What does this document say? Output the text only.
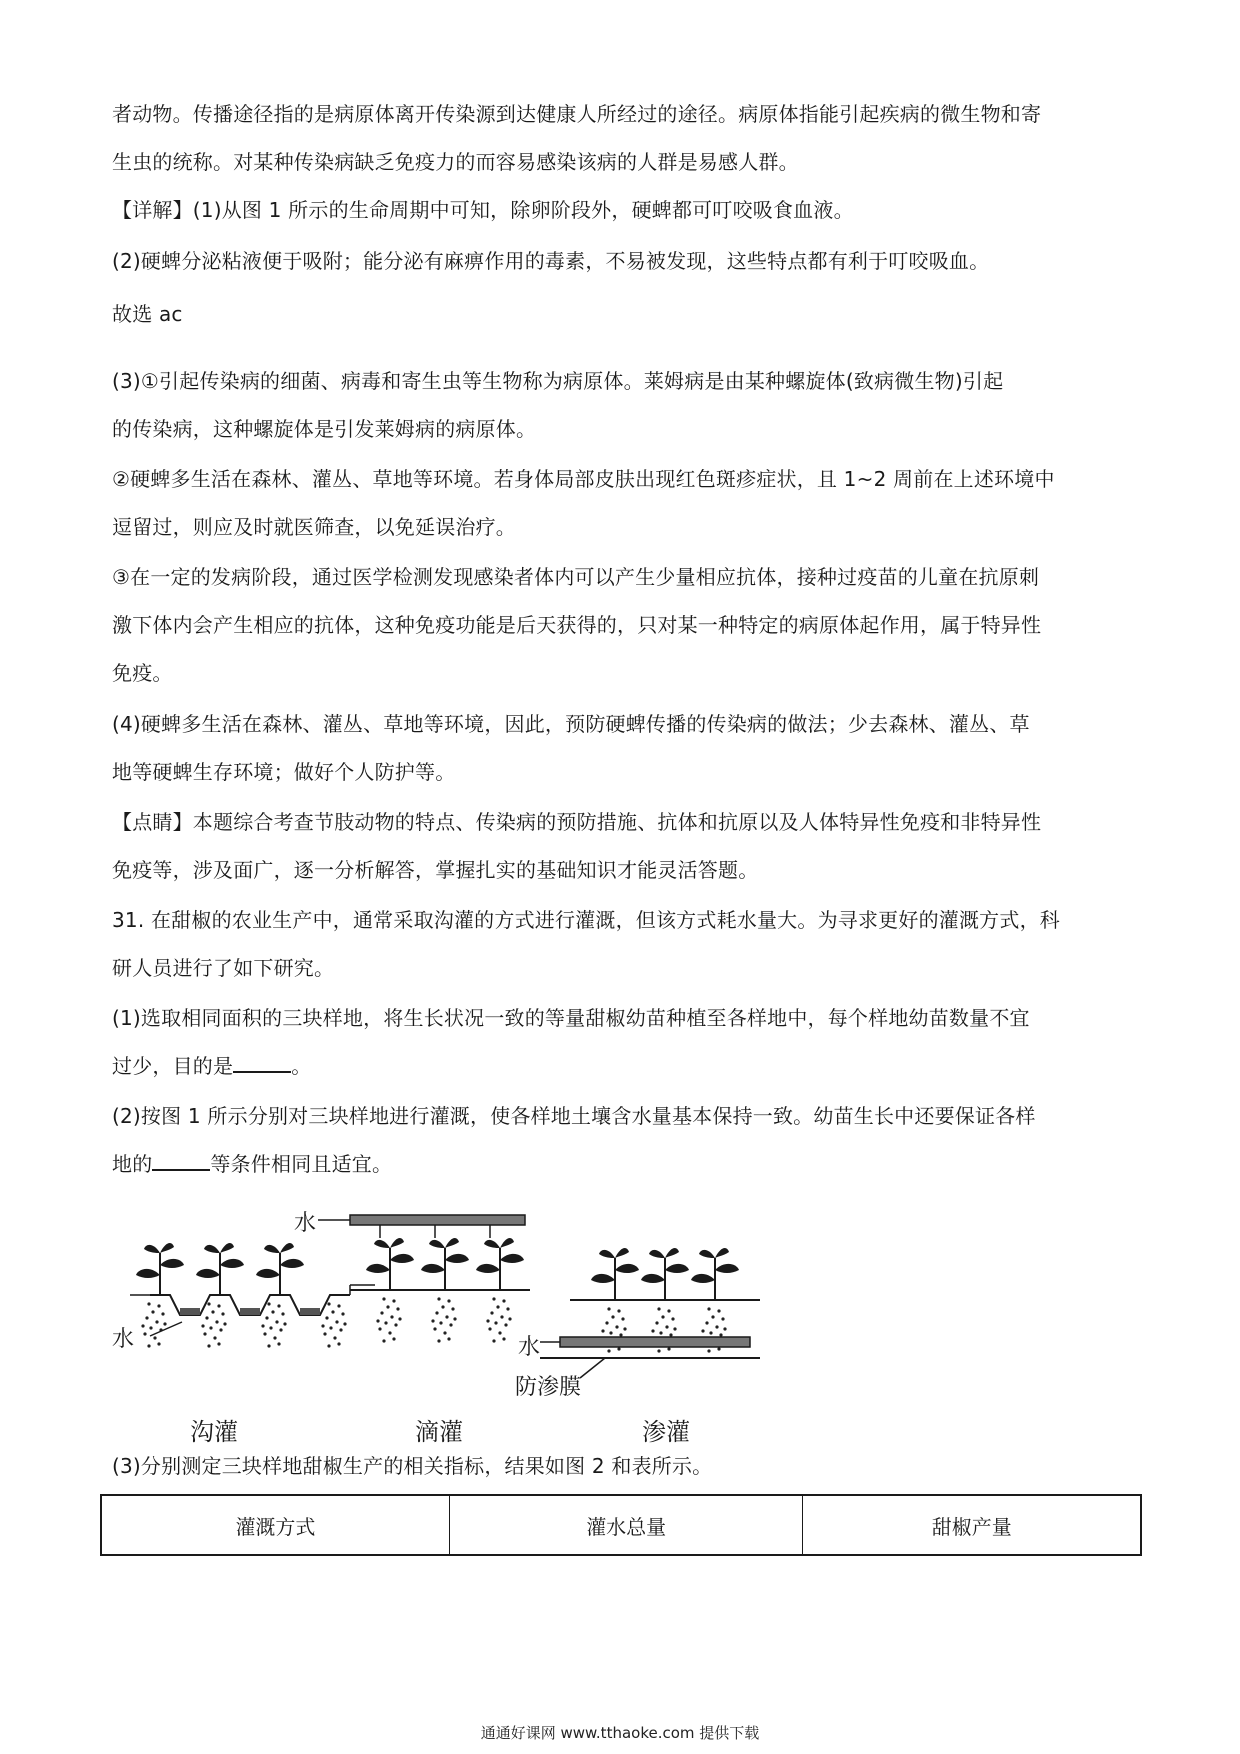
者动物。传播途径指的是病原体离开传染源到达健康人所经过的途径。病原体指能引起疾病的微生物和寄
生虫的统称。对某种传染病缺乏免疫力的而容易感染该病的人群是易感人群。
【详解】(1)从图 1 所示的生命周期中可知，除卵阶段外，硬蜱都可叮咬吸食血液。
(2)硬蜱分泌粘液便于吸附；能分泌有麻痹作用的毒素，不易被发现，这些特点都有利于叮咬吸血。
故选 ac
(3)①引起传染病的细菌、病毒和寄生虫等生物称为病原体。莱姆病是由某种螺旋体(致病微生物)引起
的传染病，这种螺旋体是引发莱姆病的病原体。
②硬蜱多生活在森林、灌丛、草地等环境。若身体局部皮肤出现红色斑疹症状，且 1~2 周前在上述环境中
逗留过，则应及时就医筛查，以免延误治疗。
③在一定的发病阶段，通过医学检测发现感染者体内可以产生少量相应抗体，接种过疫苗的儿童在抗原刺
激下体内会产生相应的抗体，这种免疫功能是后天获得的，只对某一种特定的病原体起作用，属于特异性
免疫。
(4)硬蜱多生活在森林、灌丛、草地等环境，因此，预防硬蜱传播的传染病的做法；少去森林、灌丛、草
地等硬蜱生存环境；做好个人防护等。
【点睛】本题综合考查节肢动物的特点、传染病的预防措施、抗体和抗原以及人体特异性免疫和非特异性
免疫等，涉及面广，逐一分析解答，掌握扎实的基础知识才能灵活答题。
31. 在甜椒的农业生产中，通常采取沟灌的方式进行灌溉，但该方式耗水量大。为寻求更好的灌溉方式，科
研人员进行了如下研究。
(1)选取相同面积的三块样地，将生长状况一致的等量甜椒幼苗种植至各样地中，每个样地幼苗数量不宜
过少，目的是	。
(2)按图 1 所示分别对三块样地进行灌溉，使各样地土壤含水量基本保持一致。幼苗生长中还要保证各样
地的	等条件相同且适宜。
水
水
水
防渗膜
沟灌	滴灌	渗灌
(3)分别测定三块样地甜椒生产的相关指标，结果如图 2 和表所示。
灌溉方式	灌水总量	甜椒产量
通通好课网 www.tthaoke.com 提供下载
